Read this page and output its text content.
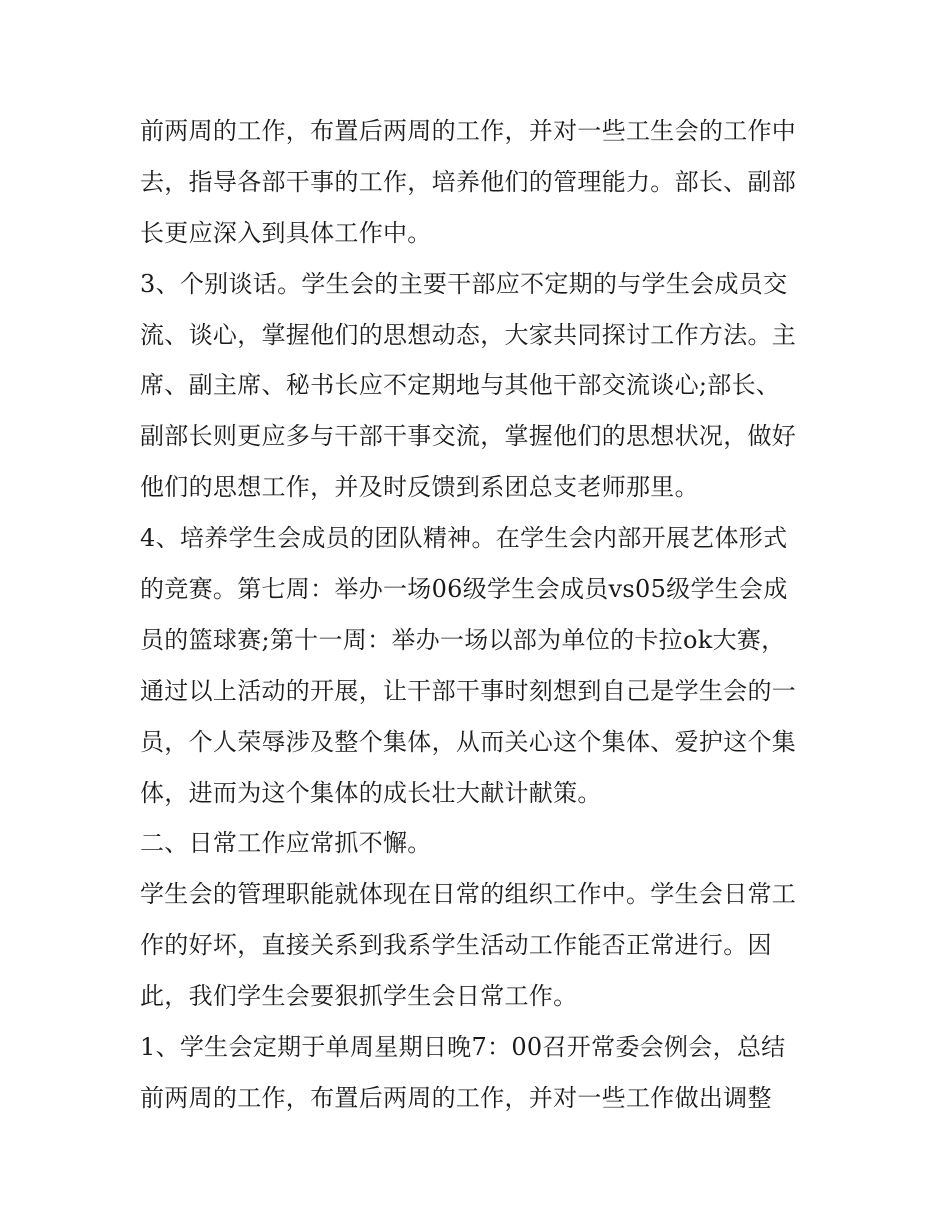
前两周的工作，布置后两周的工作，并对一些工生会的工作中
去，指导各部干事的工作，培养他们的管理能力。部长、副部
长更应深入到具体工作中。
3、个别谈话。学生会的主要干部应不定期的与学生会成员交
流、谈心，掌握他们的思想动态，大家共同探讨工作方法。主
席、副主席、秘书长应不定期地与其他干部交流谈心;部长、
副部长则更应多与干部干事交流，掌握他们的思想状况，做好
他们的思想工作，并及时反馈到系团总支老师那里。
4、培养学生会成员的团队精神。在学生会内部开展艺体形式
的竞赛。第七周：举办一场06级学生会成员vs05级学生会成
员的篮球赛;第十一周：举办一场以部为单位的卡拉ok大赛，
通过以上活动的开展，让干部干事时刻想到自己是学生会的一
员，个人荣辱涉及整个集体，从而关心这个集体、爱护这个集
体，进而为这个集体的成长壮大献计献策。
二、日常工作应常抓不懈。
学生会的管理职能就体现在日常的组织工作中。学生会日常工
作的好坏，直接关系到我系学生活动工作能否正常进行。因
此，我们学生会要狠抓学生会日常工作。
1、学生会定期于单周星期日晚7：00召开常委会例会，总结
前两周的工作，布置后两周的工作，并对一些工作做出调整
